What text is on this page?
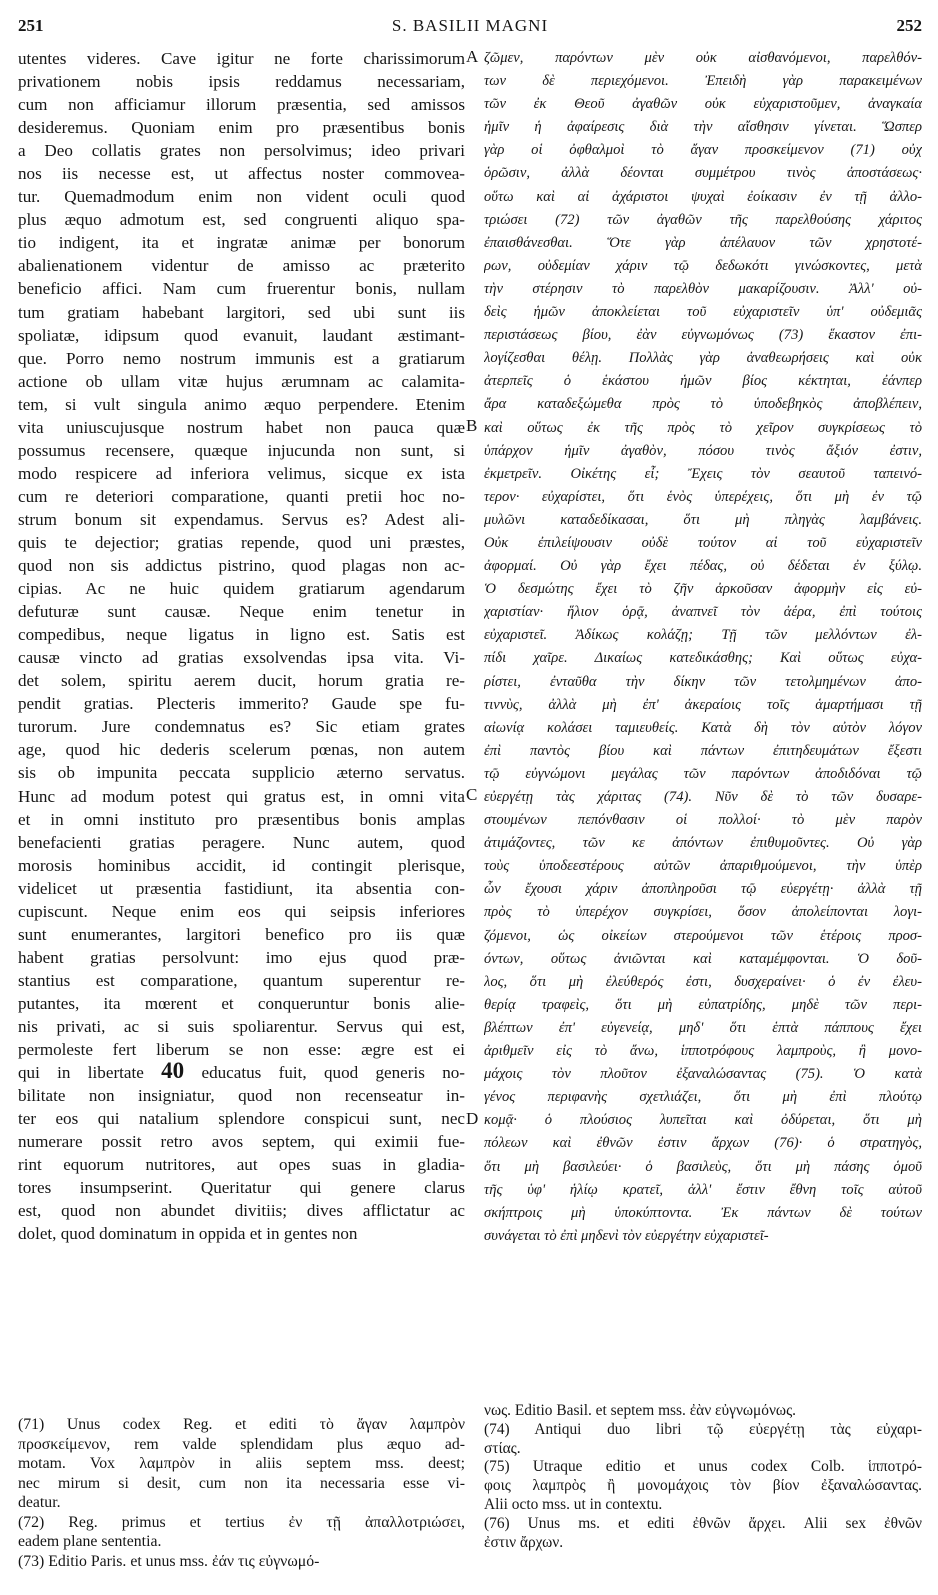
251	S. BASILII MAGNI	252
utentes videres. Cave igitur ne forte charissimorum
privationem nobis ipsis reddamus necessariam,
cum non afficiamur illorum præsentia, sed amissos
desideremus. Quoniam enim pro præsentibus bonis
a Deo collatis grates non persolvimus; ideo privari
nos iis necesse est, ut affectus noster commovea-
tur. Quemadmodum enim non vident oculi quod
plus æquo admotum est, sed congruenti aliquo spa-
tio indigent, ita et ingratæ animæ per bonorum
abalienationem videntur de amisso ac præterito
beneficio affici. Nam cum fruerentur bonis, nullam
tum gratiam habebant largitori, sed ubi sunt iis
spoliatæ, idipsum quod evanuit, laudant æstimant-
que. Porro nemo nostrum immunis est a gratiarum
actione ob ullam vitæ hujus ærumnam ac calamita-
tem, si vult singula animo æquo perpendere. Etenim
vita uniuscujusque nostrum habet non pauca quæ
possumus recensere, quæque injucunda non sunt, si
modo respicere ad inferiora velimus, sicque ex ista
cum re deteriori comparatione, quanti pretii hoc no-
strum bonum sit expendamus. Servus es? Adest ali-
quis te dejectior; gratias repende, quod uni præstes,
quod non sis addictus pistrino, quod plagas non ac-
cipias. Ac ne huic quidem gratiarum agendarum
defuturæ sunt causæ. Neque enim tenetur in
compedibus, neque ligatus in ligno est. Satis est
causæ vincto ad gratias exsolvendas ipsa vita. Vi-
det solem, spiritu aerem ducit, horum gratia re-
pendit gratias. Plecteris immerito? Gaude spe fu-
turorum. Jure condemnatus es? Sic etiam grates
age, quod hic dederis scelerum pœnas, non autem
sis ob impunita peccata supplicio æterno servatus.
Hunc ad modum potest qui gratus est, in omni vita
et in omni instituto pro præsentibus bonis amplas
benefacienti gratias peragere. Nunc autem, quod
morosis hominibus accidit, id contingit plerisque,
videlicet ut præsentia fastidiunt, ita absentia con-
cupiscunt. Neque enim eos qui seipsis inferiores
sunt enumerantes, largitori benefico pro iis quæ
habent gratias persolvunt: imo ejus quod præ-
stantius est comparatione, quantum superentur re-
putantes, ita mœrent et conqueruntur bonis alie-
nis privati, ac si suis spoliarentur. Servus qui est,
permoleste fert liberum se non esse: ægre est ei
qui in libertate 40 educatus fuit, quod generis no-
bilitate non insigniatur, quod non recenseatur in-
ter eos qui natalium splendore conspicui sunt, nec
numerare possit retro avos septem, qui eximii fue-
rint equorum nutritores, aut opes suas in gladia-
tores insumpserint. Queritatur qui genere clarus
est, quod non abundet divitiis; dives afflictatur ac
dolet, quod dominatum in oppida et in gentes non
ζῶμεν, παρόντων μὲν οὐκ αἰσθανόμενοι, παρελθόν-
των δὲ περιεχόμενοι. Ἐπειδὴ γὰρ παρακειμένων
τῶν ἐκ Θεοῦ ἀγαθῶν οὐκ εὐχαριστοῦμεν, ἀναγκαία
ἡμῖν ἡ ἀφαίρεσις διὰ τὴν αἴσθησιν γίνεται. Ὥσπερ
γὰρ οἱ ὀφθαλμοὶ τὸ ἄγαν προσκείμενον (71) οὐχ
ὁρῶσιν, ἀλλὰ δέονται συμμέτρου τινὸς ἀποστάσεως·
οὕτω καὶ αἱ ἀχάριστοι ψυχαὶ ἐοίκασιν ἐν τῇ ἀλλο-
τριώσει (72) τῶν ἀγαθῶν τῆς παρελθούσης χάριτος
ἐπαισθάνεσθαι. Ὅτε γὰρ ἀπέλαυον τῶν χρηστοτέ-
ρων, οὐδεμίαν χάριν τῷ δεδωκότι γινώσκοντες, μετὰ
τὴν στέρησιν τὸ παρελθὸν μακαρίζουσιν. Ἀλλ' οὐ-
δεὶς ἡμῶν ἀποκλείεται τοῦ εὐχαριστεῖν ὑπ' οὐδεμιᾶς
περιστάσεως βίου, ἐὰν εὐγνωμόνως (73) ἕκαστον ἐπι-
λογίζεσθαι θέλῃ. Πολλὰς γὰρ ἀναθεωρήσεις καὶ οὐκ
ἀτερπεῖς ὁ ἑκάστου ἡμῶν βίος κέκτηται, ἐάνπερ
ἄρα καταδεξώμεθα πρὸς τὸ ὑποδεβηκὸς ἀποβλέπειν,
καὶ οὕτως ἐκ τῆς πρὸς τὸ χεῖρον συγκρίσεως τὸ
ὑπάρχον ἡμῖν ἀγαθὸν, πόσου τινὸς ἄξιόν ἐστιν,
ἐκμετρεῖν. Οἰκέτης εἶ; Ἔχεις τὸν σεαυτοῦ ταπεινό-
τερον· εὐχαρίστει, ὅτι ἑνὸς ὑπερέχεις, ὅτι μὴ ἐν τῷ
μυλῶνι καταδεδίκασαι, ὅτι μὴ πληγὰς λαμβάνεις.
Οὐκ ἐπιλείψουσιν οὐδὲ τούτον αἱ τοῦ εὐχαριστεῖν
ἀφορμαί. Οὐ γὰρ ἔχει πέδας, οὐ δέδεται ἐν ξύλῳ.
Ὁ δεσμώτης ἔχει τὸ ζῆν ἀρκοῦσαν ἀφορμὴν εἰς εὐ-
χαριστίαν· ἥλιον ὁρᾷ, ἀναπνεῖ τὸν ἀέρα, ἐπὶ τούτοις
εὐχαριστεῖ. Ἀδίκως κολάζῃ; Τῇ τῶν μελλόντων ἐλ-
πίδι χαῖρε. Δικαίως κατεδικάσθης; Καὶ οὕτως εὐχα-
ρίστει, ἐνταῦθα τὴν δίκην τῶν τετολμημένων ἀπο-
τιννὺς, ἀλλὰ μὴ ἐπ' ἀκεραίοις τοῖς ἁμαρτήμασι τῇ
αἰωνίᾳ κολάσει ταμιευθείς. Κατὰ δὴ τὸν αὐτὸν λόγον
ἐπὶ παντὸς βίου καὶ πάντων ἐπιτηδευμάτων ἔξεστι
τῷ εὐγνώμονι μεγάλας τῶν παρόντων ἀποδιδόναι τῷ
εὐεργέτῃ τὰς χάριτας (74). Νῦν δὲ τὸ τῶν δυσαρε-
στουμένων πεπόνθασιν οἱ πολλοί· τὸ μὲν παρὸν
ἀτιμάζοντες, τῶν κε ἀπόντων ἐπιθυμοῦντες. Οὐ γὰρ
τοὺς ὑποδεεστέρους αὐτῶν ἀπαριθμούμενοι, τὴν ὑπὲρ
ὧν ἔχουσι χάριν ἀποπληροῦσι τῷ εὐεργέτῃ· ἀλλὰ τῇ
πρὸς τὸ ὑπερέχον συγκρίσει, ὅσον ἀπολείπονται λογι-
ζόμενοι, ὡς οἰκείων στερούμενοι τῶν ἑτέροις προσ-
όντων, οὕτως ἀνιῶνται καὶ καταμέμφονται. Ὁ δοῦ-
λος, ὅτι μὴ ἐλεύθερός ἐστι, δυσχεραίνει· ὁ ἐν ἐλευ-
θερίᾳ τραφεὶς, ὅτι μὴ εὐπατρίδης, μηδὲ τῶν περι-
βλέπτων ἐπ' εὐγενείᾳ, μηδ' ὅτι ἑπτὰ πάππους ἔχει
ἀριθμεῖν εἰς τὸ ἄνω, ἱπποτρόφους λαμπροὺς, ἢ μονο-
μάχοις τὸν πλοῦτον ἐξαναλώσαντας (75). Ὁ κατὰ
γένος περιφανὴς σχετλιάζει, ὅτι μὴ ἐπὶ πλούτῳ
κομᾷ· ὁ πλούσιος λυπεῖται καὶ ὀδύρεται, ὅτι μὴ
πόλεων καὶ ἐθνῶν ἐστιν ἄρχων (76)· ὁ στρατηγὸς,
ὅτι μὴ βασιλεύει· ὁ βασιλεὺς, ὅτι μὴ πάσης ὁμοῦ
τῆς ὑφ' ἡλίῳ κρατεῖ, ἀλλ' ἔστιν ἔθνη τοῖς αὐτοῦ
σκήπτροις μὴ ὑποκύπτοντα. Ἐκ πάντων δὲ τούτων
συνάγεται τὸ ἐπὶ μηδενὶ τὸν εὐεργέτην εὐχαριστεῖ-
A
B
C
D
(71) Unus codex Reg. et editi τὸ ἄγαν λαμπρὸν
προσκείμενον, rem valde splendidam plus æquo ad-
motam. Vox λαμπρὸν in aliis septem mss. deest;
nec mirum si desit, cum non ita necessaria esse vi-
deatur.
(72) Reg. primus et tertius ἐν τῇ ἀπαλλοτριώσει,
eadem plane sententia.
(73) Editio Paris. et unus mss. ἐάν τις εὐγνωμό-
νως. Editio Basil. et septem mss. ἐὰν εὐγνωμόνως.
(74) Antiqui duo libri τῷ εὐεργέτῃ τὰς εὐχαρι-
στίας.
(75) Utraque editio et unus codex Colb. ἱπποτρό-
φοις λαμπρὸς ἢ μονομάχοις τὸν βίον ἐξαναλώσαντας.
Alii octo mss. ut in contextu.
(76) Unus ms. et editi ἐθνῶν ἄρχει. Alii sex ἐθνῶν
ἐστιν ἄρχων.
